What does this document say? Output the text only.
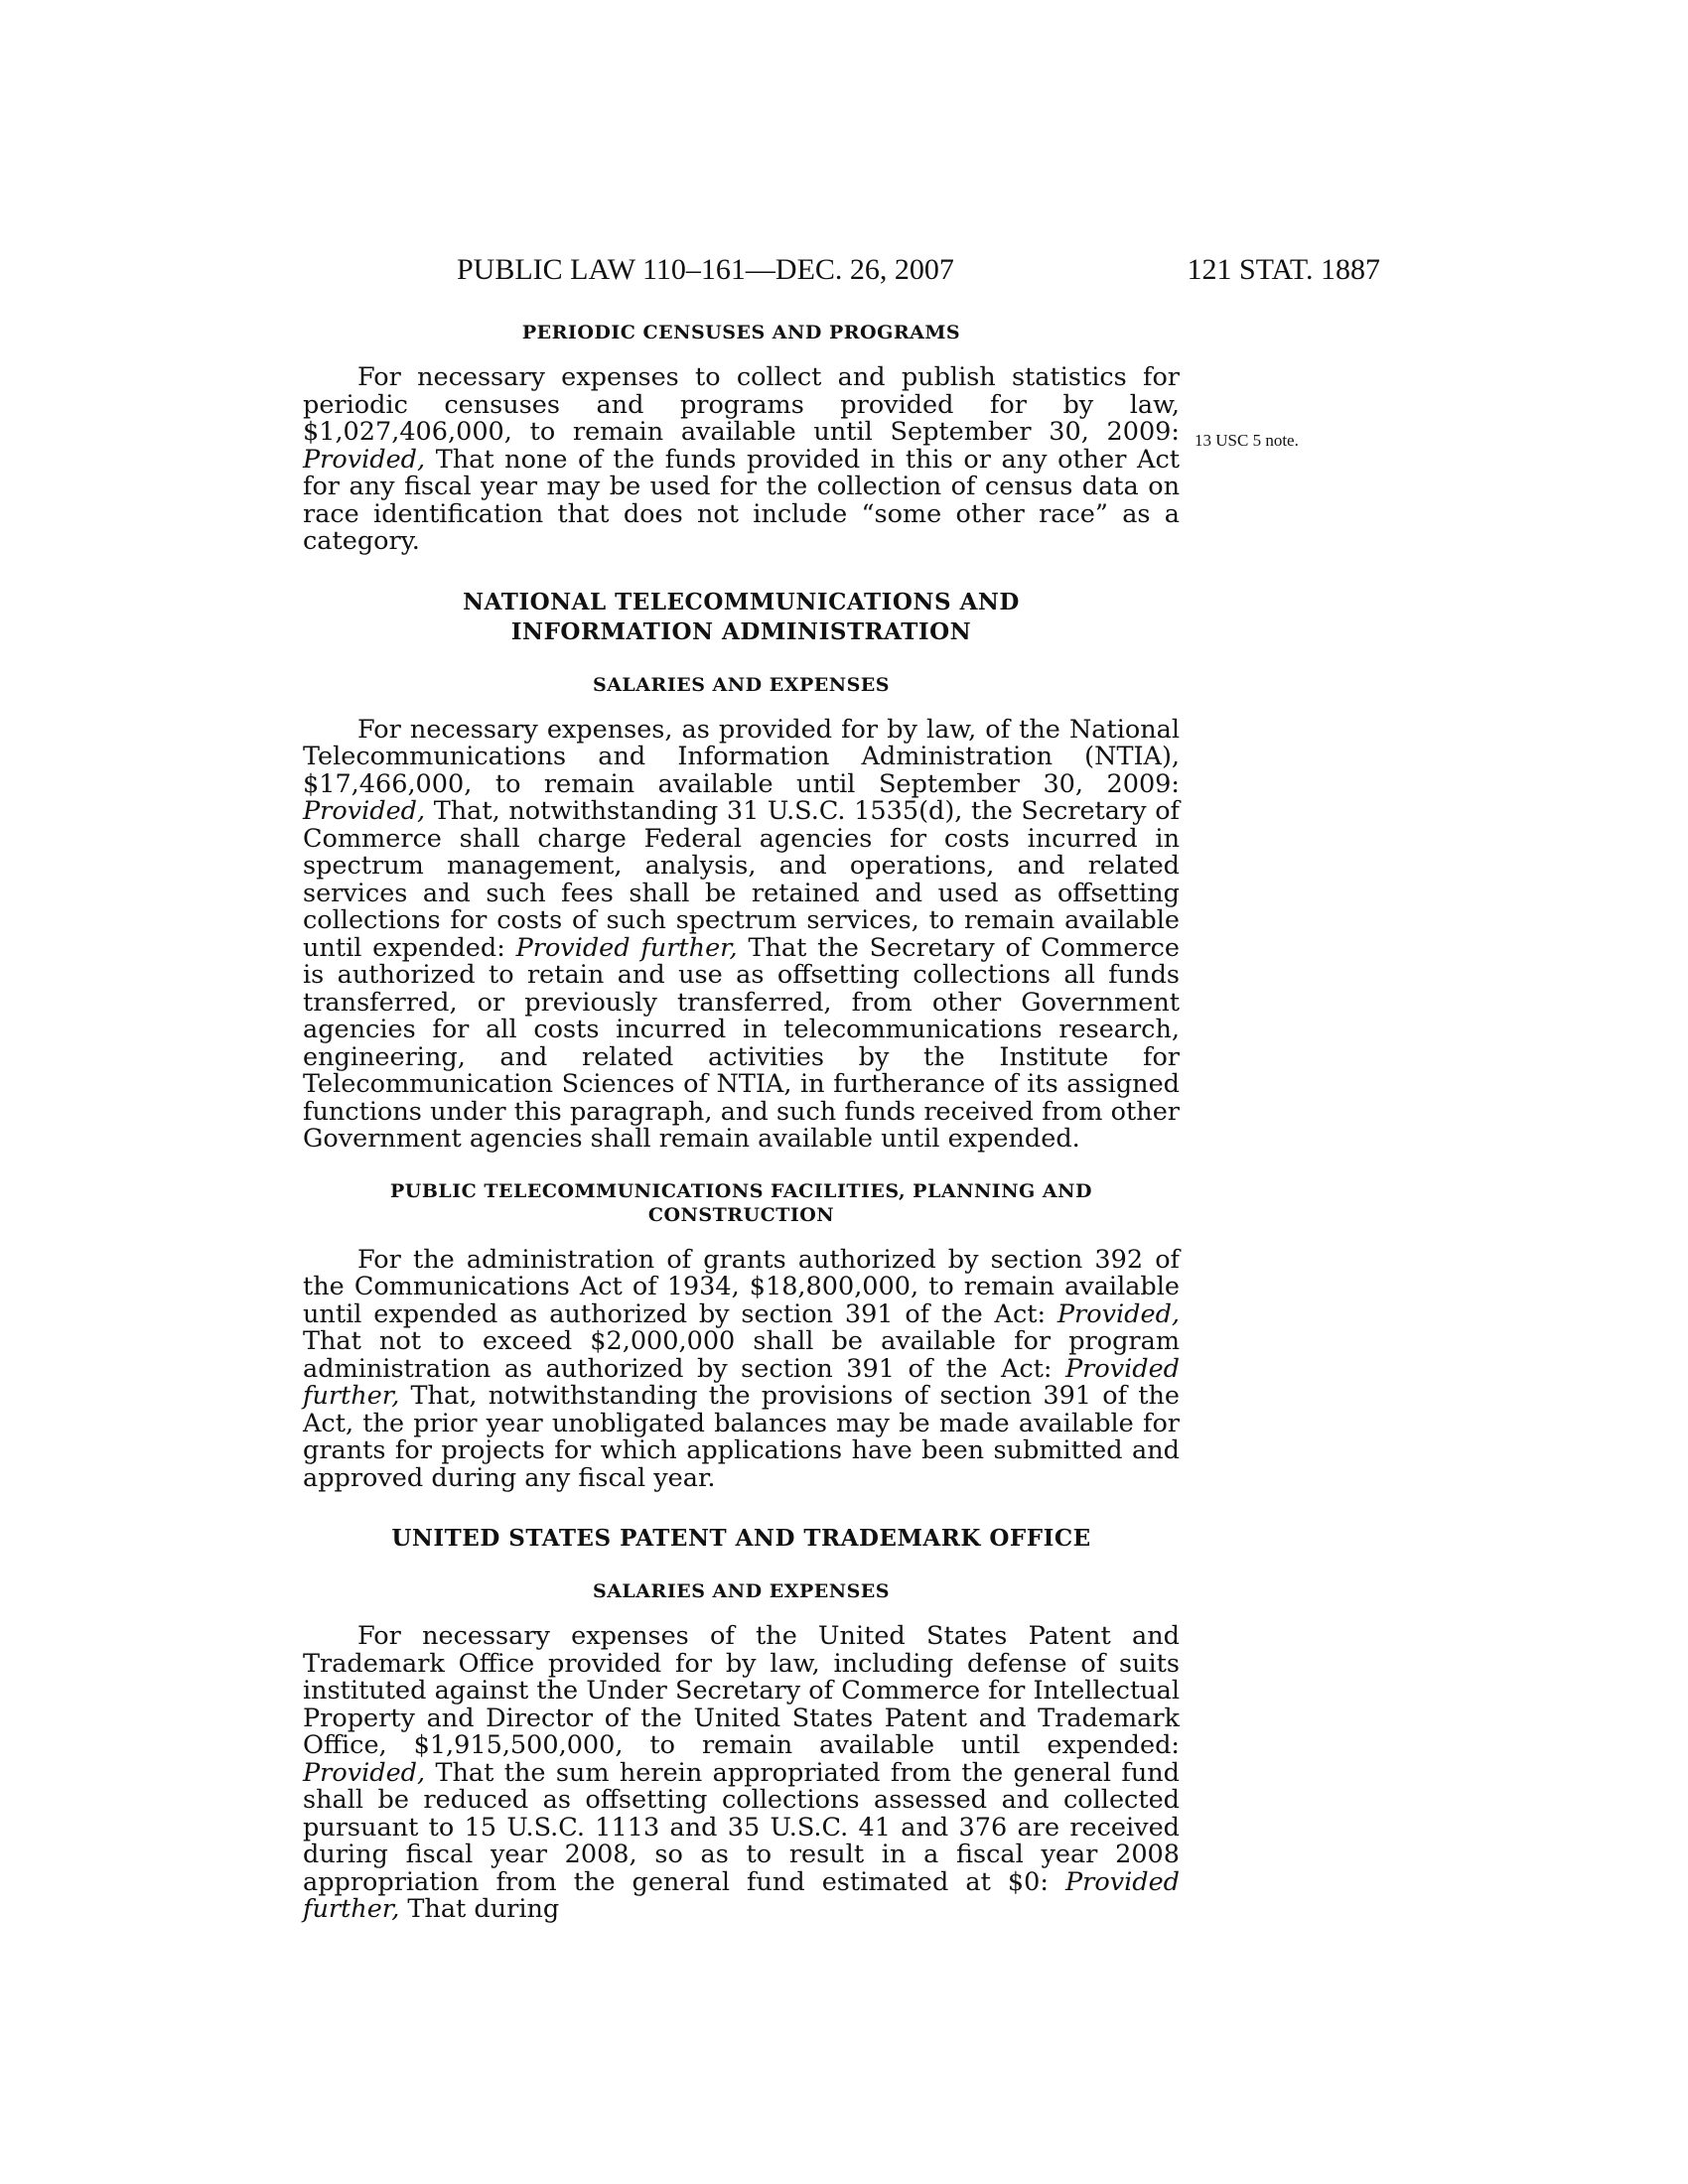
PUBLIC LAW 110–161—DEC. 26, 2007	121 STAT. 1887
13 USC 5 note.
PERIODIC CENSUSES AND PROGRAMS

For necessary expenses to collect and publish statistics for periodic censuses and programs provided for by law, $1,027,406,000, to remain available until September 30, 2009: Provided, That none of the funds provided in this or any other Act for any fiscal year may be used for the collection of census data on race identification that does not include “some other race” as a category.

NATIONAL TELECOMMUNICATIONS AND INFORMATION ADMINISTRATION
SALARIES AND EXPENSES

For necessary expenses, as provided for by law, of the National Telecommunications and Information Administration (NTIA), $17,466,000, to remain available until September 30, 2009: Provided, That, notwithstanding 31 U.S.C. 1535(d), the Secretary of Commerce shall charge Federal agencies for costs incurred in spectrum management, analysis, and operations, and related services and such fees shall be retained and used as offsetting collections for costs of such spectrum services, to remain available until expended: Provided further, That the Secretary of Commerce is authorized to retain and use as offsetting collections all funds transferred, or previously transferred, from other Government agencies for all costs incurred in telecommunications research, engineering, and related activities by the Institute for Telecommunication Sciences of NTIA, in furtherance of its assigned functions under this paragraph, and such funds received from other Government agencies shall remain available until expended.

PUBLIC TELECOMMUNICATIONS FACILITIES, PLANNING AND CONSTRUCTION

For the administration of grants authorized by section 392 of the Communications Act of 1934, $18,800,000, to remain available until expended as authorized by section 391 of the Act: Provided, That not to exceed $2,000,000 shall be available for program administration as authorized by section 391 of the Act: Provided further, That, notwithstanding the provisions of section 391 of the Act, the prior year unobligated balances may be made available for grants for projects for which applications have been submitted and approved during any fiscal year.

UNITED STATES PATENT AND TRADEMARK OFFICE
SALARIES AND EXPENSES

For necessary expenses of the United States Patent and Trademark Office provided for by law, including defense of suits instituted against the Under Secretary of Commerce for Intellectual Property and Director of the United States Patent and Trademark Office, $1,915,500,000, to remain available until expended: Provided, That the sum herein appropriated from the general fund shall be reduced as offsetting collections assessed and collected pursuant to 15 U.S.C. 1113 and 35 U.S.C. 41 and 376 are received during fiscal year 2008, so as to result in a fiscal year 2008 appropriation from the general fund estimated at $0: Provided further, That during
